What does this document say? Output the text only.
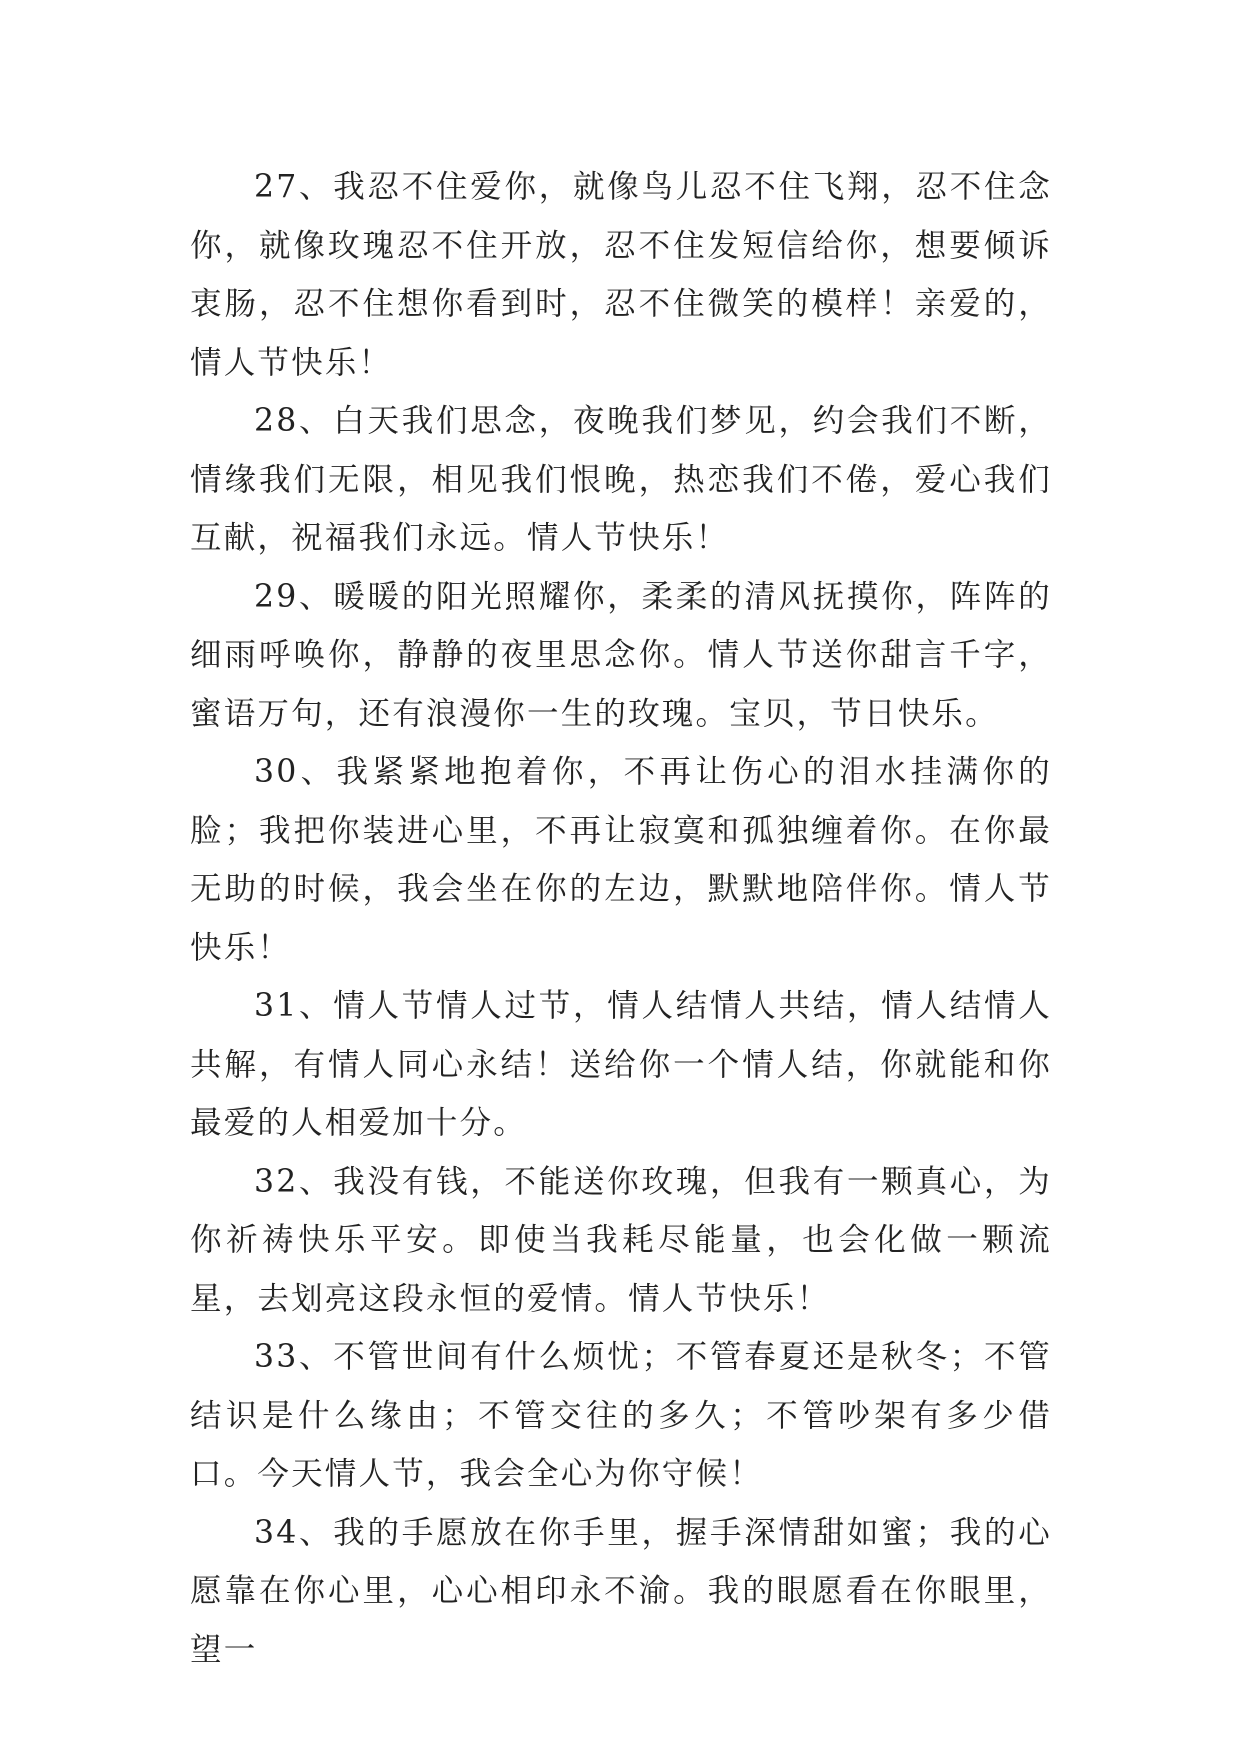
27、我忍不住爱你，就像鸟儿忍不住飞翔，忍不住念你，就像玫瑰忍不住开放，忍不住发短信给你，想要倾诉衷肠，忍不住想你看到时，忍不住微笑的模样！亲爱的，情人节快乐！

28、白天我们思念，夜晚我们梦见，约会我们不断，情缘我们无限，相见我们恨晚，热恋我们不倦，爱心我们互献，祝福我们永远。情人节快乐！

29、暖暖的阳光照耀你，柔柔的清风抚摸你，阵阵的细雨呼唤你，静静的夜里思念你。情人节送你甜言千字，蜜语万句，还有浪漫你一生的玫瑰。宝贝，节日快乐。

30、我紧紧地抱着你，不再让伤心的泪水挂满你的脸；我把你装进心里，不再让寂寞和孤独缠着你。在你最无助的时候，我会坐在你的左边，默默地陪伴你。情人节快乐！

31、情人节情人过节，情人结情人共结，情人结情人共解，有情人同心永结！送给你一个情人结，你就能和你最爱的人相爱加十分。

32、我没有钱，不能送你玫瑰，但我有一颗真心，为你祈祷快乐平安。即使当我耗尽能量，也会化做一颗流星，去划亮这段永恒的爱情。情人节快乐！

33、不管世间有什么烦忧；不管春夏还是秋冬；不管结识是什么缘由；不管交往的多久；不管吵架有多少借口。今天情人节，我会全心为你守候！

34、我的手愿放在你手里，握手深情甜如蜜；我的心愿靠在你心里，心心相印永不渝。我的眼愿看在你眼里，望一
